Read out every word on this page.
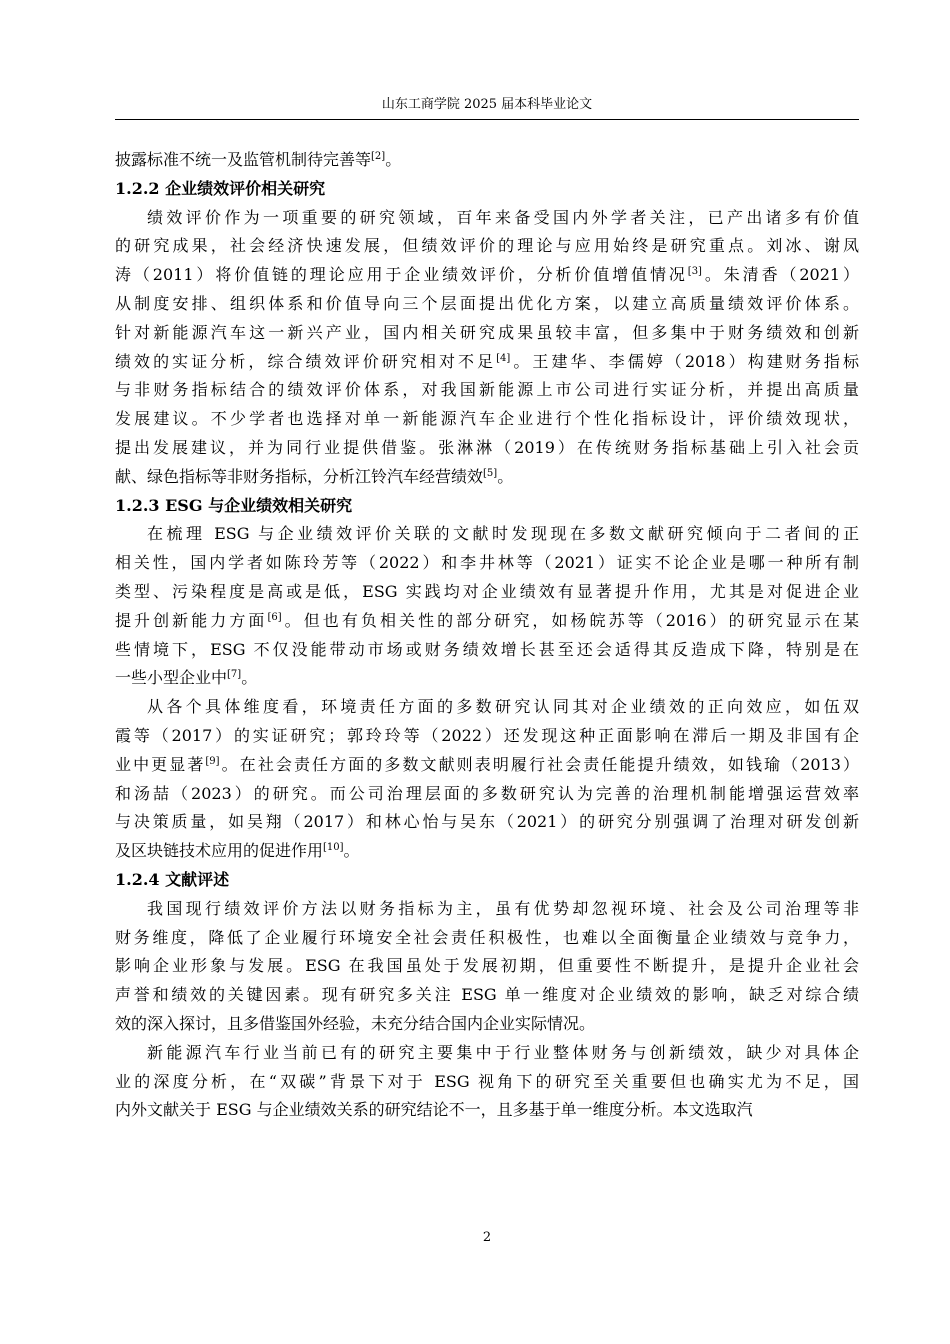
山东工商学院 2025 届本科毕业论文

披露标准不统一及监管机制待完善等[2]。

1.2.2 企业绩效评价相关研究

绩效评价作为一项重要的研究领域，百年来备受国内外学者关注，已产出诸多有价值
的研究成果，社会经济快速发展，但绩效评价的理论与应用始终是研究重点。刘冰、谢凤
涛（2011）将价值链的理论应用于企业绩效评价，分析价值增值情况[3]。朱清香（2021）
从制度安排、组织体系和价值导向三个层面提出优化方案，以建立高质量绩效评价体系。
针对新能源汽车这一新兴产业，国内相关研究成果虽较丰富，但多集中于财务绩效和创新
绩效的实证分析，综合绩效评价研究相对不足[4]。王建华、李儒婷（2018）构建财务指标
与非财务指标结合的绩效评价体系，对我国新能源上市公司进行实证分析，并提出高质量
发展建议。不少学者也选择对单一新能源汽车企业进行个性化指标设计，评价绩效现状，
提出发展建议，并为同行业提供借鉴。张淋淋（2019）在传统财务指标基础上引入社会贡
献、绿色指标等非财务指标，分析江铃汽车经营绩效[5]。

1.2.3 ESG 与企业绩效相关研究

在梳理 ESG 与企业绩效评价关联的文献时发现现在多数文献研究倾向于二者间的正
相关性，国内学者如陈玲芳等（2022）和李井林等（2021）证实不论企业是哪一种所有制
类型、污染程度是高或是低，ESG 实践均对企业绩效有显著提升作用，尤其是对促进企业
提升创新能力方面[6]。但也有负相关性的部分研究，如杨皖苏等（2016）的研究显示在某
些情境下，ESG 不仅没能带动市场或财务绩效增长甚至还会适得其反造成下降，特别是在
一些小型企业中[7]。

从各个具体维度看，环境责任方面的多数研究认同其对企业绩效的正向效应，如伍双
霞等（2017）的实证研究；郭玲玲等（2022）还发现这种正面影响在滞后一期及非国有企
业中更显著[9]。在社会责任方面的多数文献则表明履行社会责任能提升绩效，如钱瑜（2013）
和汤喆（2023）的研究。而公司治理层面的多数研究认为完善的治理机制能增强运营效率
与决策质量，如吴翔（2017）和林心怡与吴东（2021）的研究分别强调了治理对研发创新
及区块链技术应用的促进作用[10]。

1.2.4 文献评述

我国现行绩效评价方法以财务指标为主，虽有优势却忽视环境、社会及公司治理等非
财务维度，降低了企业履行环境安全社会责任积极性，也难以全面衡量企业绩效与竞争力，
影响企业形象与发展。ESG 在我国虽处于发展初期，但重要性不断提升，是提升企业社会
声誉和绩效的关键因素。现有研究多关注 ESG 单一维度对企业绩效的影响，缺乏对综合绩
效的深入探讨，且多借鉴国外经验，未充分结合国内企业实际情况。

新能源汽车行业当前已有的研究主要集中于行业整体财务与创新绩效，缺少对具体企
业的深度分析，在“双碳”背景下对于 ESG 视角下的研究至关重要但也确实尤为不足，国
内外文献关于 ESG 与企业绩效关系的研究结论不一，且多基于单一维度分析。本文选取汽

2
